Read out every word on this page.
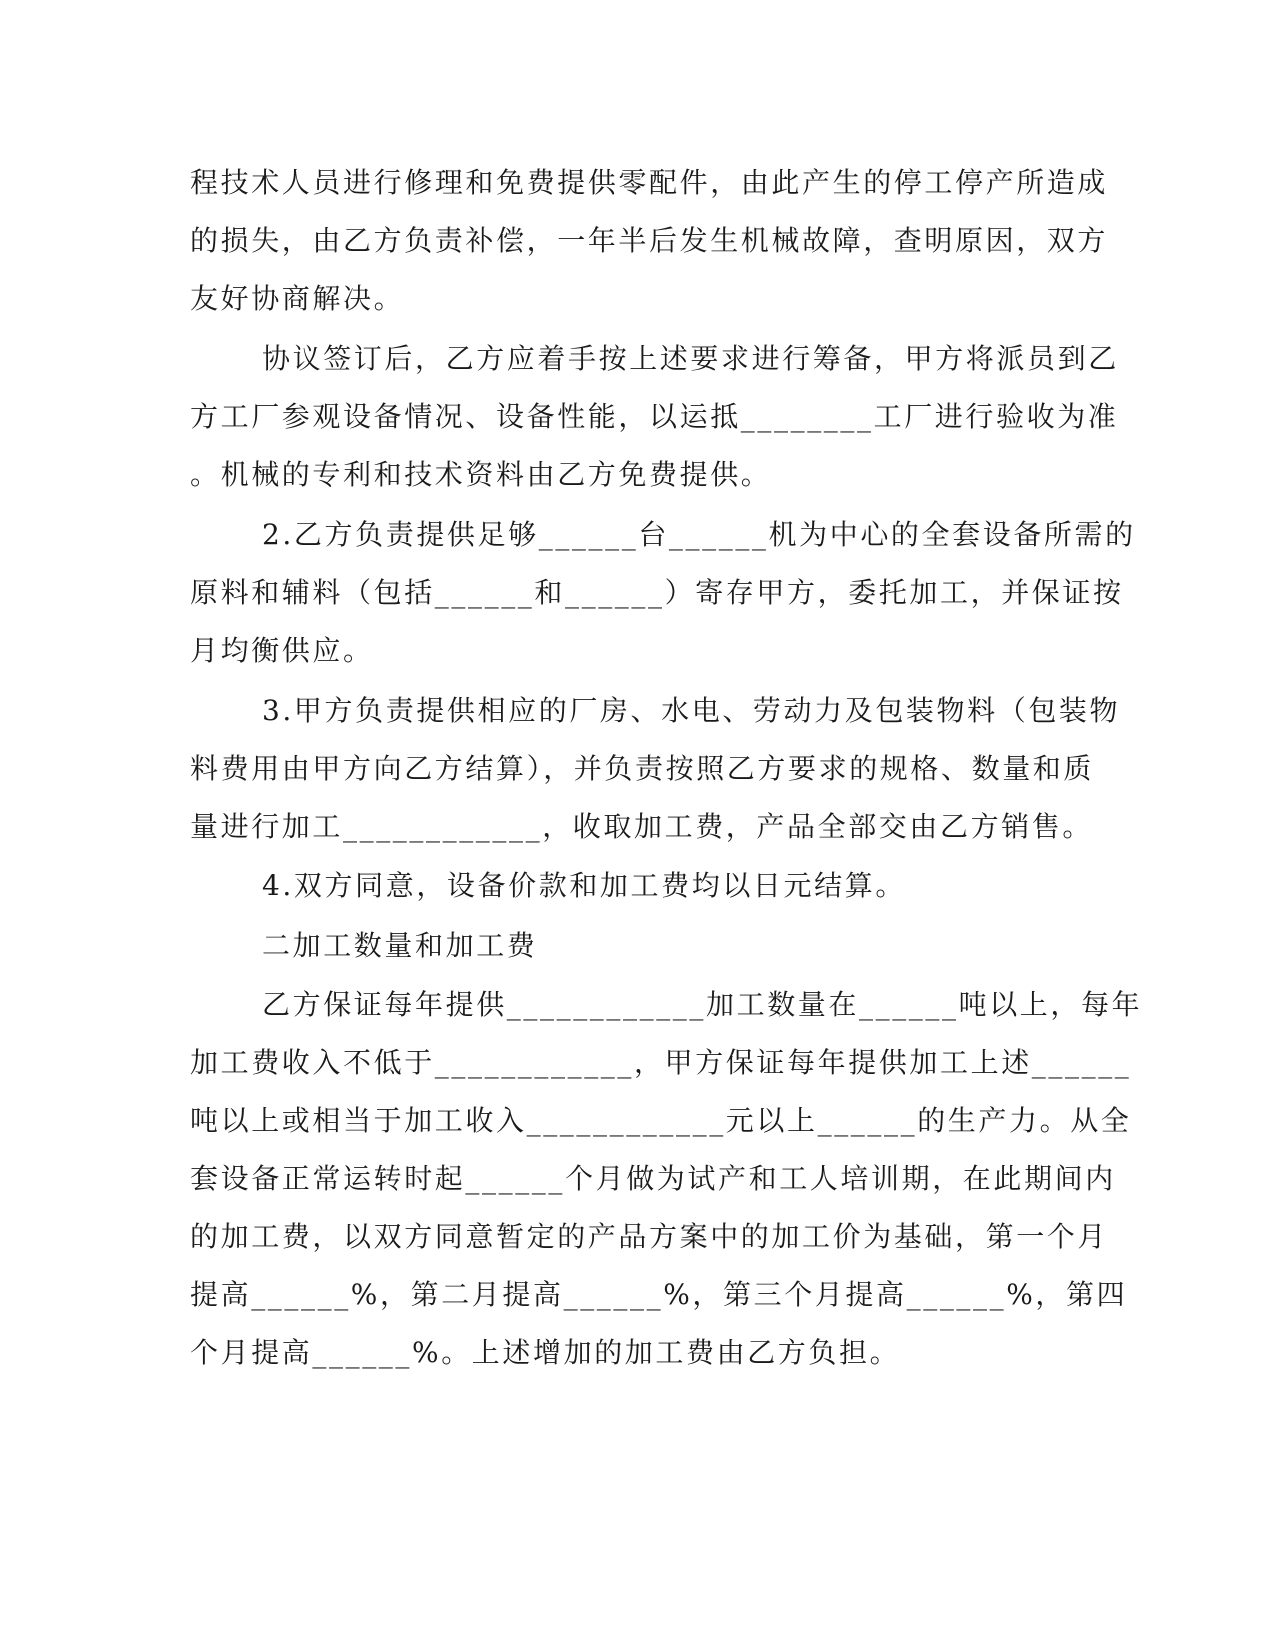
程技术人员进行修理和免费提供零配件，由此产生的停工停产所造成
的损失，由乙方负责补偿，一年半后发生机械故障，查明原因，双方
友好协商解决。
协议签订后，乙方应着手按上述要求进行筹备，甲方将派员到乙
方工厂参观设备情况、设备性能，以运抵________工厂进行验收为准
。机械的专利和技术资料由乙方免费提供。
2.乙方负责提供足够______台______机为中心的全套设备所需的
原料和辅料（包括______和______）寄存甲方，委托加工，并保证按
月均衡供应。
3.甲方负责提供相应的厂房、水电、劳动力及包装物料（包装物
料费用由甲方向乙方结算），并负责按照乙方要求的规格、数量和质
量进行加工____________，收取加工费，产品全部交由乙方销售。
4.双方同意，设备价款和加工费均以日元结算。
二加工数量和加工费
乙方保证每年提供____________加工数量在______吨以上，每年
加工费收入不低于____________，甲方保证每年提供加工上述______
吨以上或相当于加工收入____________元以上______的生产力。从全
套设备正常运转时起______个月做为试产和工人培训期，在此期间内
的加工费，以双方同意暂定的产品方案中的加工价为基础，第一个月
提高______%，第二月提高______%，第三个月提高______%，第四
个月提高______%。上述增加的加工费由乙方负担。
